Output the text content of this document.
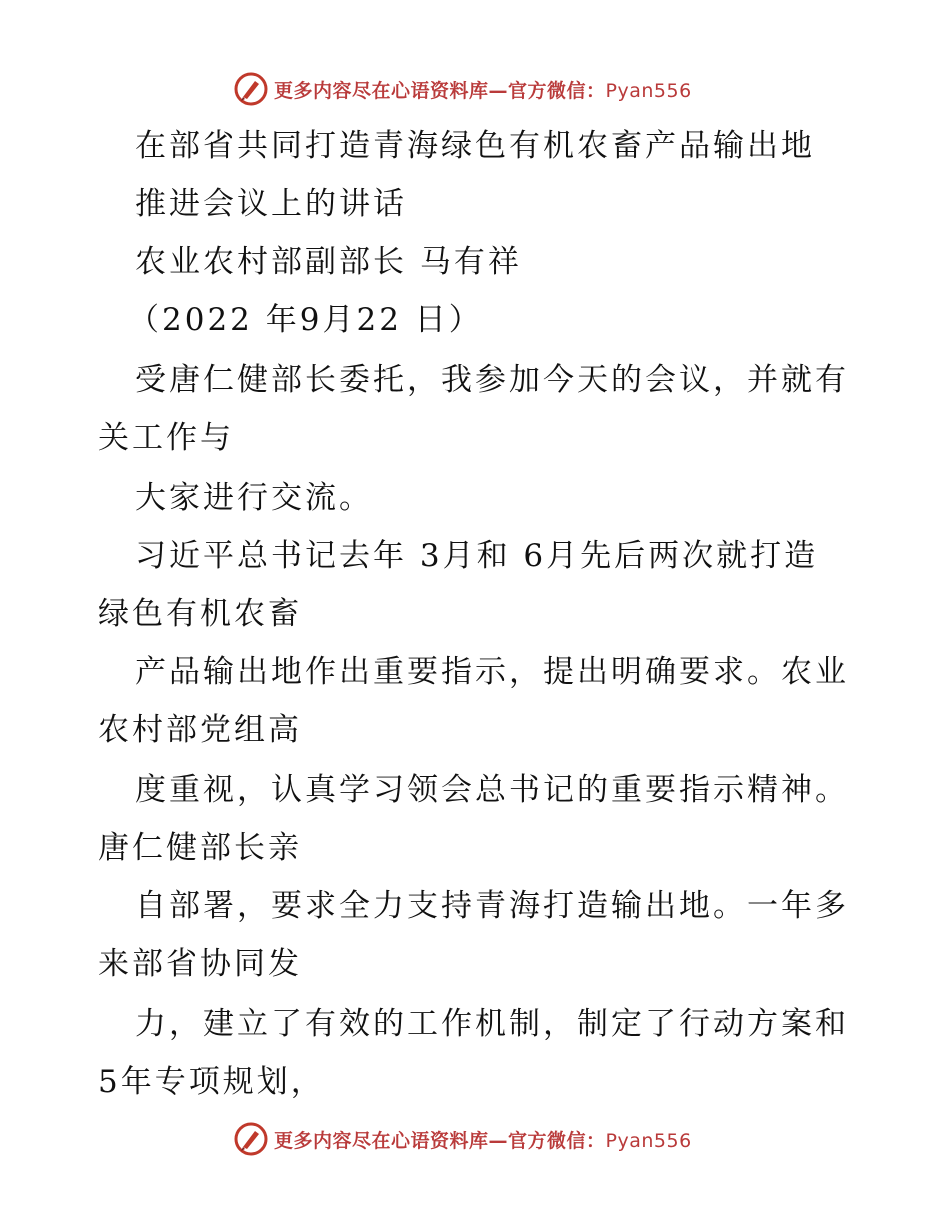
更多内容尽在心语资料库—官方微信：Pyan556
在部省共同打造青海绿色有机农畜产品输出地
推进会议上的讲话
农业农村部副部长 马有祥
（2022 年9月22 日）
受唐仁健部长委托，我参加今天的会议，并就有
关工作与
大家进行交流。
习近平总书记去年 3月和 6月先后两次就打造
绿色有机农畜
产品输出地作出重要指示，提出明确要求。农业
农村部党组高
度重视，认真学习领会总书记的重要指示精神。
唐仁健部长亲
自部署，要求全力支持青海打造输出地。一年多
来部省协同发
力，建立了有效的工作机制，制定了行动方案和
5年专项规划，
更多内容尽在心语资料库—官方微信：Pyan556
